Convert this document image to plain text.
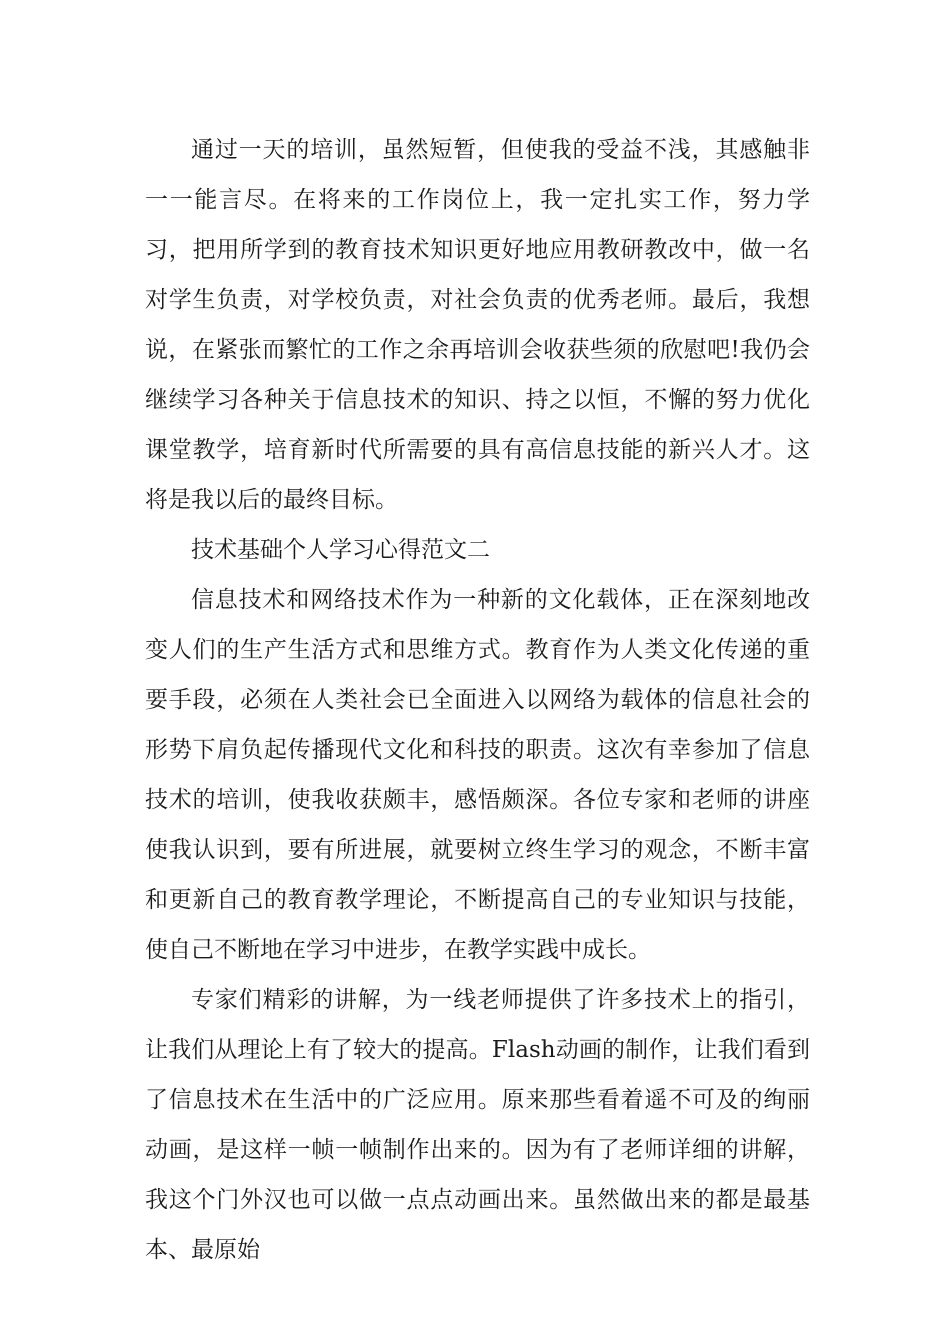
通过一天的培训，虽然短暂，但使我的受益不浅，其感触非一一能言尽。在将来的工作岗位上，我一定扎实工作，努力学习，把用所学到的教育技术知识更好地应用教研教改中，做一名对学生负责，对学校负责，对社会负责的优秀老师。最后，我想说，在紧张而繁忙的工作之余再培训会收获些须的欣慰吧!我仍会继续学习各种关于信息技术的知识、持之以恒，不懈的努力优化课堂教学，培育新时代所需要的具有高信息技能的新兴人才。这将是我以后的最终目标。

技术基础个人学习心得范文二

信息技术和网络技术作为一种新的文化载体，正在深刻地改变人们的生产生活方式和思维方式。教育作为人类文化传递的重要手段，必须在人类社会已全面进入以网络为载体的信息社会的形势下肩负起传播现代文化和科技的职责。这次有幸参加了信息技术的培训，使我收获颇丰，感悟颇深。各位专家和老师的讲座使我认识到，要有所进展，就要树立终生学习的观念，不断丰富和更新自己的教育教学理论，不断提高自己的专业知识与技能，使自己不断地在学习中进步，在教学实践中成长。

专家们精彩的讲解，为一线老师提供了许多技术上的指引，让我们从理论上有了较大的提高。Flash动画的制作，让我们看到了信息技术在生活中的广泛应用。原来那些看着遥不可及的绚丽动画，是这样一帧一帧制作出来的。因为有了老师详细的讲解，我这个门外汉也可以做一点点动画出来。虽然做出来的都是最基本、最原始
